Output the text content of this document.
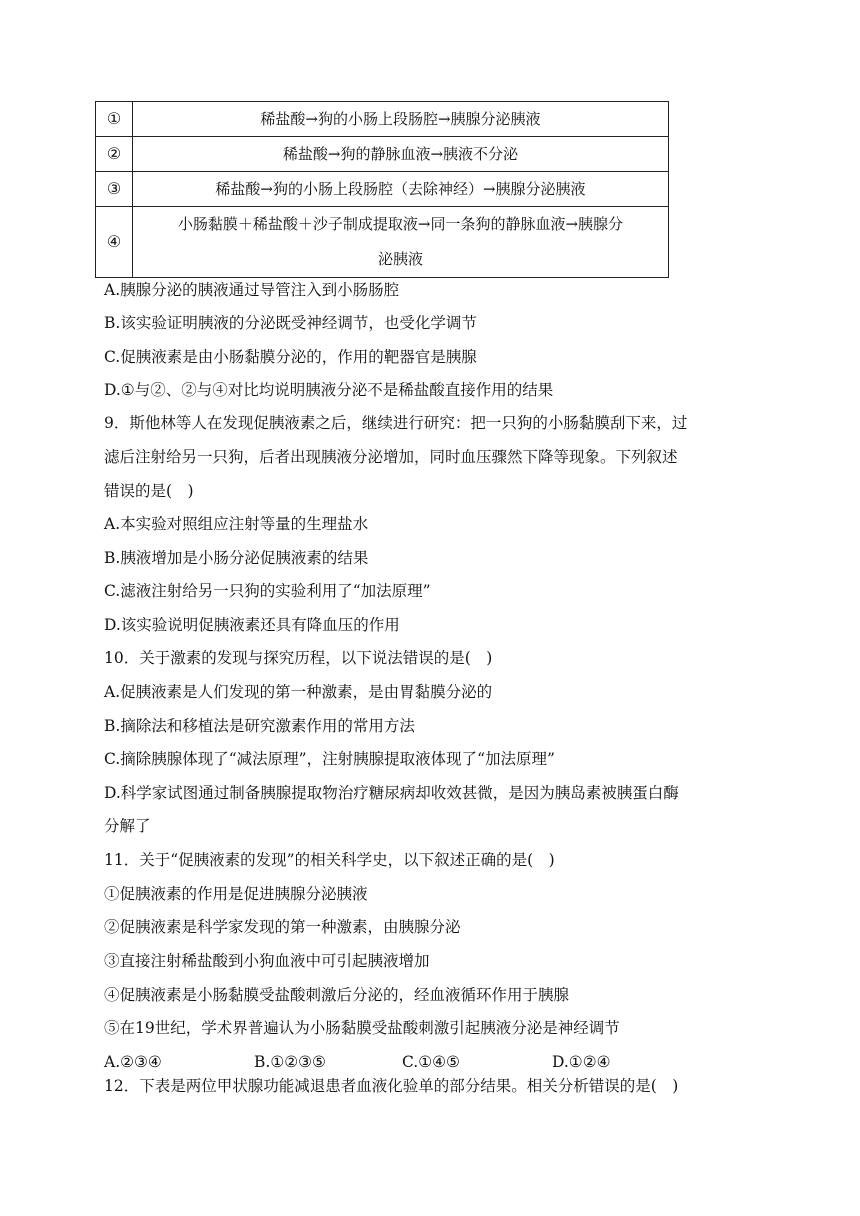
①	稀盐酸→狗的小肠上段肠腔→胰腺分泌胰液
②	稀盐酸→狗的静脉血液→胰液不分泌
③	稀盐酸→狗的小肠上段肠腔（去除神经）→胰腺分泌胰液
④	小肠黏膜＋稀盐酸＋沙子制成提取液→同一条狗的静脉血液→胰腺分
泌胰液
A.胰腺分泌的胰液通过导管注入到小肠肠腔
B.该实验证明胰液的分泌既受神经调节，也受化学调节
C.促胰液素是由小肠黏膜分泌的，作用的靶器官是胰腺
D.①与②、②与④对比均说明胰液分泌不是稀盐酸直接作用的结果
9．斯他林等人在发现促胰液素之后，继续进行研究：把一只狗的小肠黏膜刮下来，过
滤后注射给另一只狗，后者出现胰液分泌增加，同时血压骤然下降等现象。下列叙述
错误的是(　)
A.本实验对照组应注射等量的生理盐水
B.胰液增加是小肠分泌促胰液素的结果
C.滤液注射给另一只狗的实验利用了“加法原理”
D.该实验说明促胰液素还具有降血压的作用
10．关于激素的发现与探究历程，以下说法错误的是(　)
A.促胰液素是人们发现的第一种激素，是由胃黏膜分泌的
B.摘除法和移植法是研究激素作用的常用方法
C.摘除胰腺体现了“减法原理”，注射胰腺提取液体现了“加法原理”
D.科学家试图通过制备胰腺提取物治疗糖尿病却收效甚微，是因为胰岛素被胰蛋白酶
分解了
11．关于“促胰液素的发现”的相关科学史，以下叙述正确的是(　)
①促胰液素的作用是促进胰腺分泌胰液
②促胰液素是科学家发现的第一种激素，由胰腺分泌
③直接注射稀盐酸到小狗血液中可引起胰液增加
④促胰液素是小肠黏膜受盐酸刺激后分泌的，经血液循环作用于胰腺
⑤在19世纪，学术界普遍认为小肠黏膜受盐酸刺激引起胰液分泌是神经调节
A.②③④	B.①②③⑤	C.①④⑤	D.①②④
12．下表是两位甲状腺功能减退患者血液化验单的部分结果。相关分析错误的是(　)
